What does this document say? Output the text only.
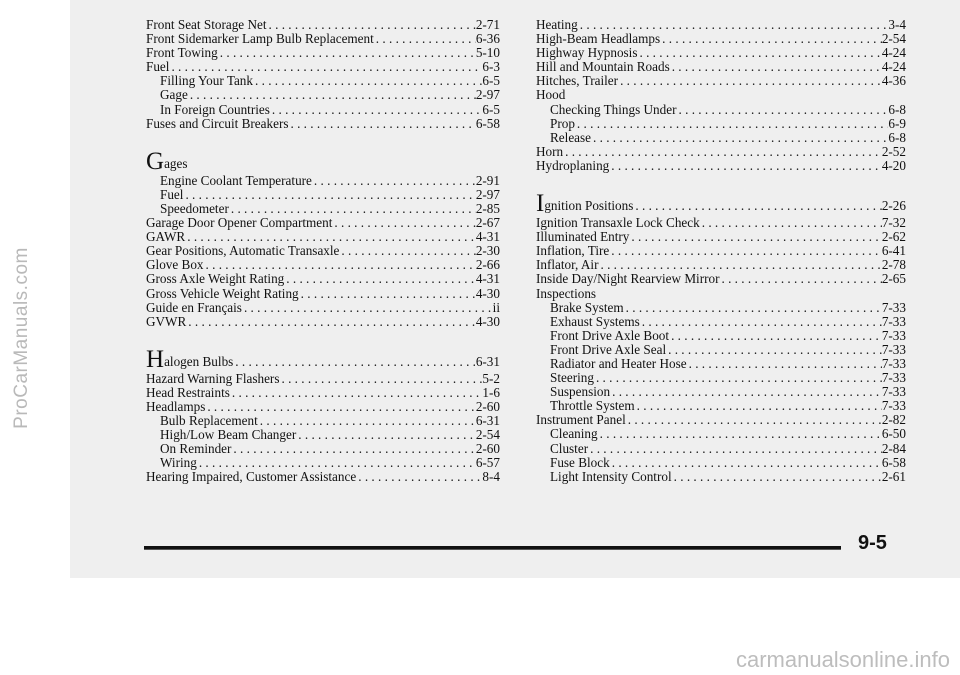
ProCarManuals.com
Front Seat Storage Net . . .	2-71
Front Sidemarker Lamp Bulb Replacement . . .	6-36
Front Towing . . .	5-10
Fuel . . .	6-3
Filling Your Tank . . .	6-5
Gage . . .	2-97
In Foreign Countries . . .	6-5
Fuses and Circuit Breakers . . .	6-58
Gages
Engine Coolant Temperature . . .	2-91
Fuel . . .	2-97
Speedometer . . .	2-85
Garage Door Opener Compartment . . .	2-67
GAWR . . .	4-31
Gear Positions, Automatic Transaxle . . .	2-30
Glove Box . . .	2-66
Gross Axle Weight Rating . . .	4-31
Gross Vehicle Weight Rating . . .	4-30
Guide en Français . . .	ii
GVWR . . .	4-30
Halogen Bulbs . . .	6-31
Hazard Warning Flashers . . .	5-2
Head Restraints . . .	1-6
Headlamps . . .	2-60
Bulb Replacement . . .	6-31
High/Low Beam Changer . . .	2-54
On Reminder . . .	2-60
Wiring . . .	6-57
Hearing Impaired, Customer Assistance . . .	8-4
Heating . . .	3-4
High-Beam Headlamps . . .	2-54
Highway Hypnosis . . .	4-24
Hill and Mountain Roads . . .	4-24
Hitches, Trailer . . .	4-36
Hood
Checking Things Under . . .	6-8
Prop . . .	6-9
Release . . .	6-8
Horn . . .	2-52
Hydroplaning . . .	4-20
Ignition Positions . . .	2-26
Ignition Transaxle Lock Check . . .	7-32
Illuminated Entry . . .	2-62
Inflation, Tire . . .	6-41
Inflator, Air . . .	2-78
Inside Day/Night Rearview Mirror . . .	2-65
Inspections
Brake System . . .	7-33
Exhaust Systems . . .	7-33
Front Drive Axle Boot . . .	7-33
Front Drive Axle Seal . . .	7-33
Radiator and Heater Hose . . .	7-33
Steering . . .	7-33
Suspension . . .	7-33
Throttle System . . .	7-33
Instrument Panel . . .	2-82
Cleaning . . .	6-50
Cluster . . .	2-84
Fuse Block . . .	6-58
Light Intensity Control . . .	2-61
9-5
carmanualsonline.info
